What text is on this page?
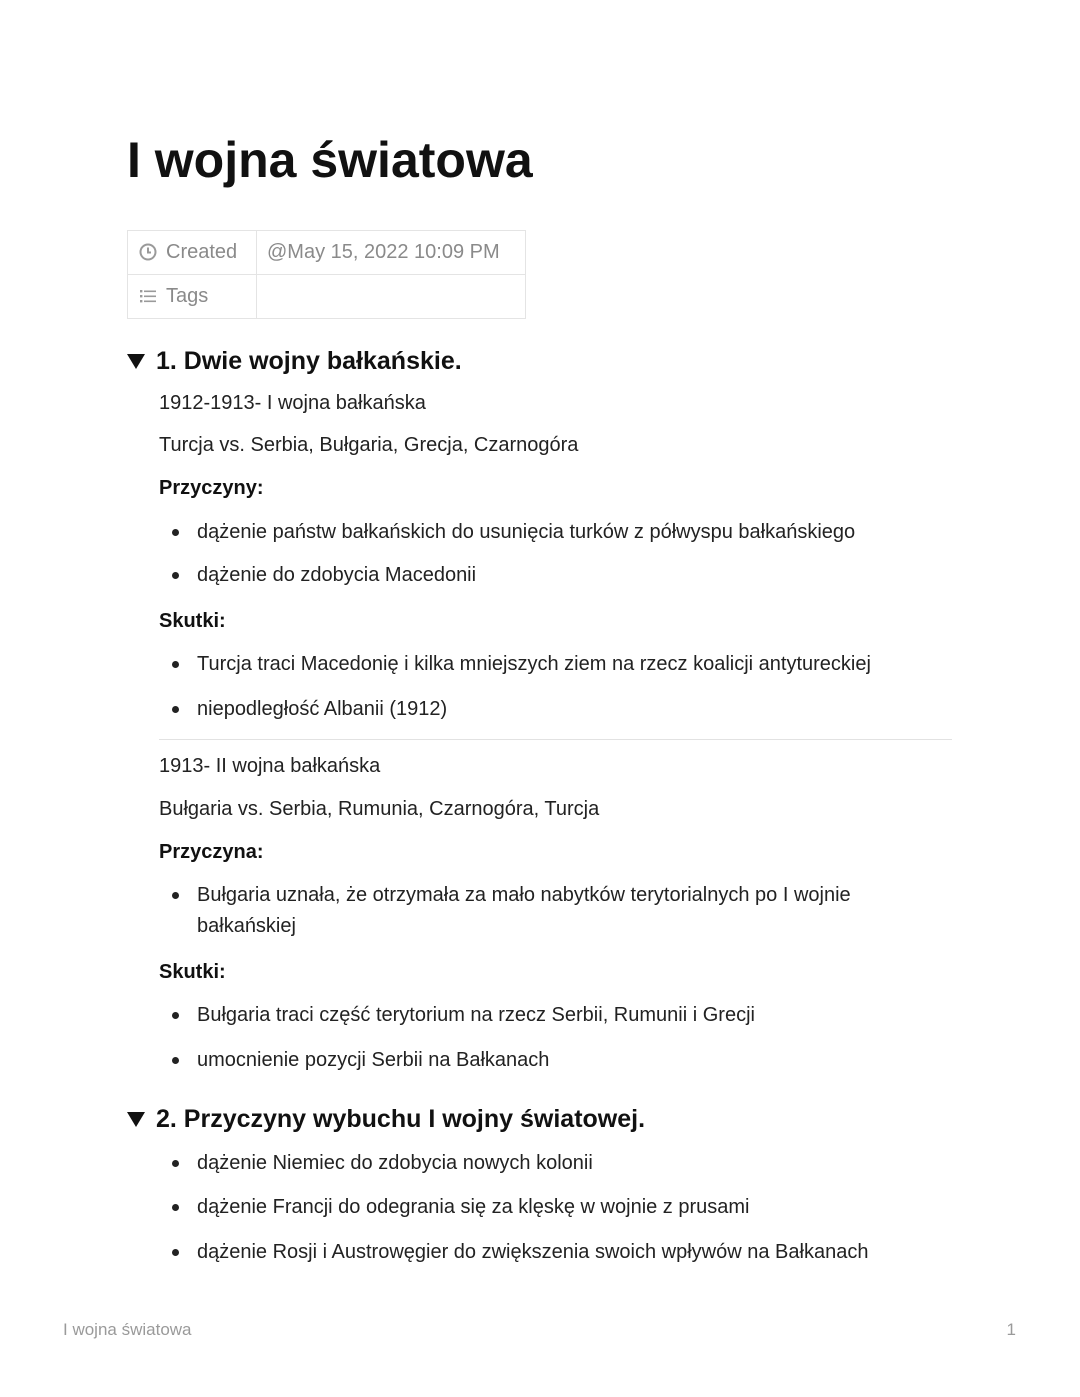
I wojna światowa
Created	@May 15, 2022 10:09 PM
Tags	
1. Dwie wojny bałkańskie.
1912-1913- I wojna bałkańska
Turcja vs. Serbia, Bułgaria, Grecja, Czarnogóra
Przyczyny:
dążenie państw bałkańskich do usunięcia turków z półwyspu bałkańskiego
dążenie do zdobycia Macedonii
Skutki:
Turcja traci Macedonię i kilka mniejszych ziem na rzecz koalicji antytureckiej
niepodległość Albanii (1912)
1913- II wojna bałkańska
Bułgaria vs. Serbia, Rumunia, Czarnogóra, Turcja
Przyczyna:
Bułgaria uznała, że otrzymała za mało nabytków terytorialnych po I wojnie bałkańskiej
Skutki:
Bułgaria traci część terytorium na rzecz Serbii, Rumunii i Grecji
umocnienie pozycji Serbii na Bałkanach
2. Przyczyny wybuchu I wojny światowej.
dążenie Niemiec do zdobycia nowych kolonii
dążenie Francji do odegrania się za klęskę w wojnie z prusami
dążenie Rosji i Austrowęgier do zwiększenia swoich wpływów na Bałkanach
I wojna światowa	1
